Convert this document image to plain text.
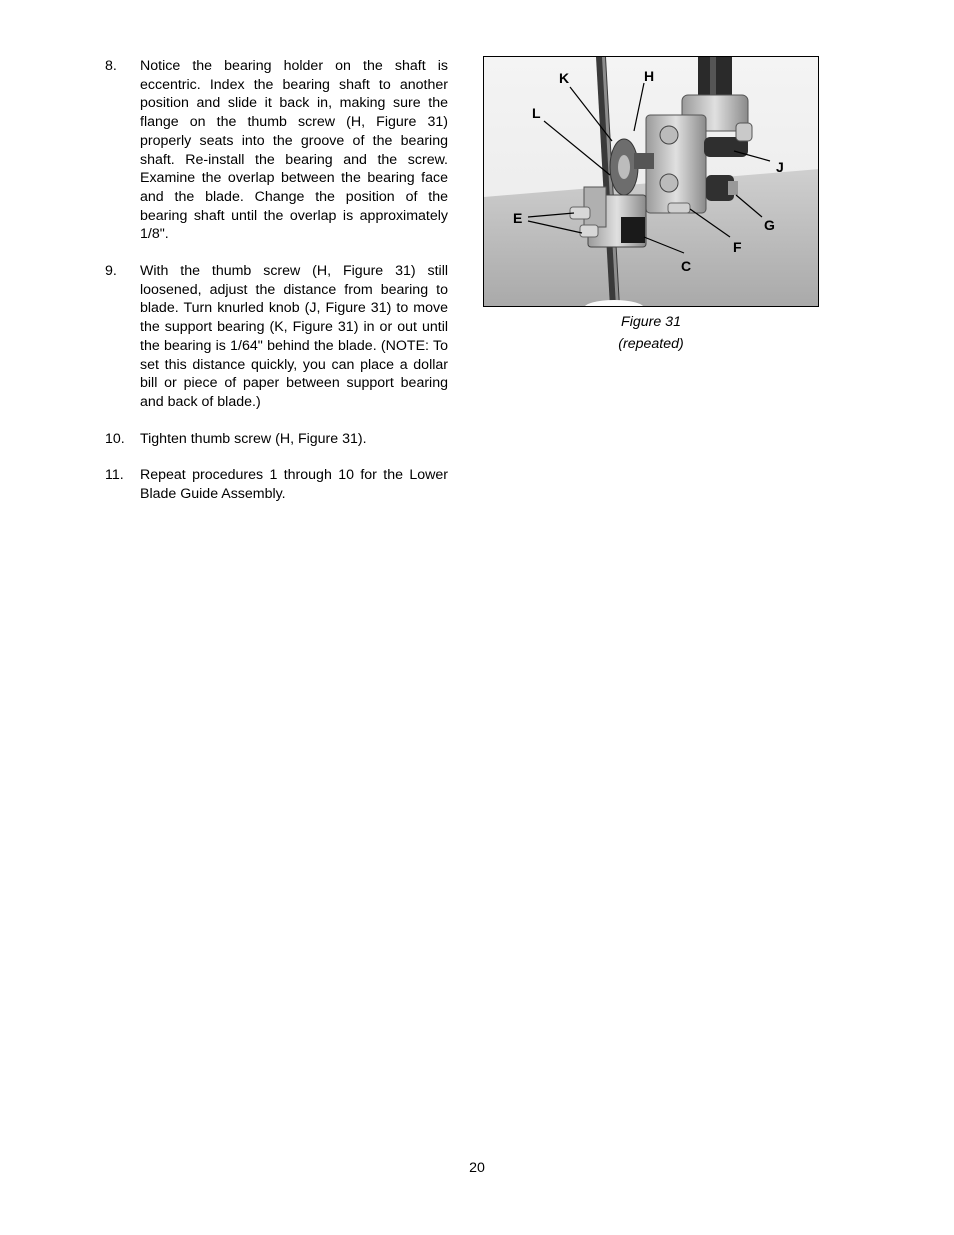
8. Notice the bearing holder on the shaft is eccentric. Index the bearing shaft to another position and slide it back in, making sure the flange on the thumb screw (H, Figure 31) properly seats into the groove of the bearing shaft. Re-install the bearing and the screw. Examine the overlap between the bearing face and the blade. Change the position of the bearing shaft until the overlap is approximately 1/8".
9. With the thumb screw (H, Figure 31) still loosened, adjust the distance from bearing to blade. Turn knurled knob (J, Figure 31) to move the support bearing (K, Figure 31) in or out until the bearing is 1/64" behind the blade. (NOTE: To set this distance quickly, you can place a dollar bill or piece of paper between support bearing and back of blade.)
10. Tighten thumb screw (H, Figure 31).
11. Repeat procedures 1 through 10 for the Lower Blade Guide Assembly.
K	H
L
J
E	G
F
C
Figure 31
(repeated)
20
